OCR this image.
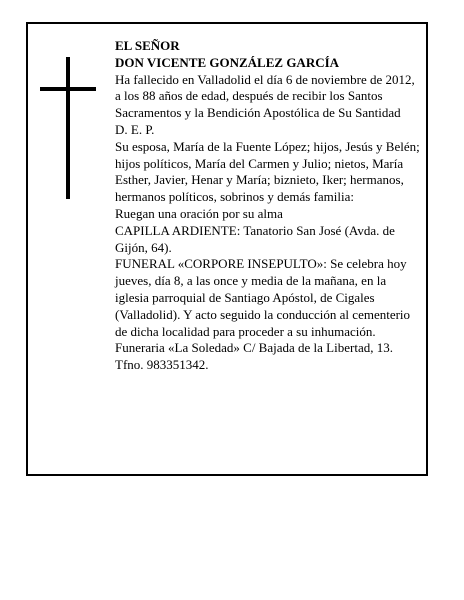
EL SEÑOR

DON VICENTE GONZÁLEZ GARCÍA

Ha fallecido en Valladolid el día 6 de noviembre de 2012, a los 88 años de edad, después de recibir los Santos Sacramentos y la Bendición Apostólica de Su Santidad

D. E. P.

Su esposa, María de la Fuente López; hijos, Jesús y Belén; hijos políticos, María del Carmen y Julio; nietos, María Esther, Javier, Henar y María; biznieto, Iker; hermanos, hermanos políticos, sobrinos y demás familia:

Ruegan una oración por su alma

CAPILLA ARDIENTE: Tanatorio San José (Avda. de Gijón, 64).

FUNERAL «CORPORE INSEPULTO»: Se celebra hoy jueves, día 8, a las once y media de la mañana, en la iglesia parroquial de Santiago Apóstol, de Cigales (Valladolid). Y acto seguido la conducción al cementerio de dicha localidad para proceder a su inhumación.

Funeraria «La Soledad» C/ Bajada de la Libertad, 13. Tfno. 983351342.
